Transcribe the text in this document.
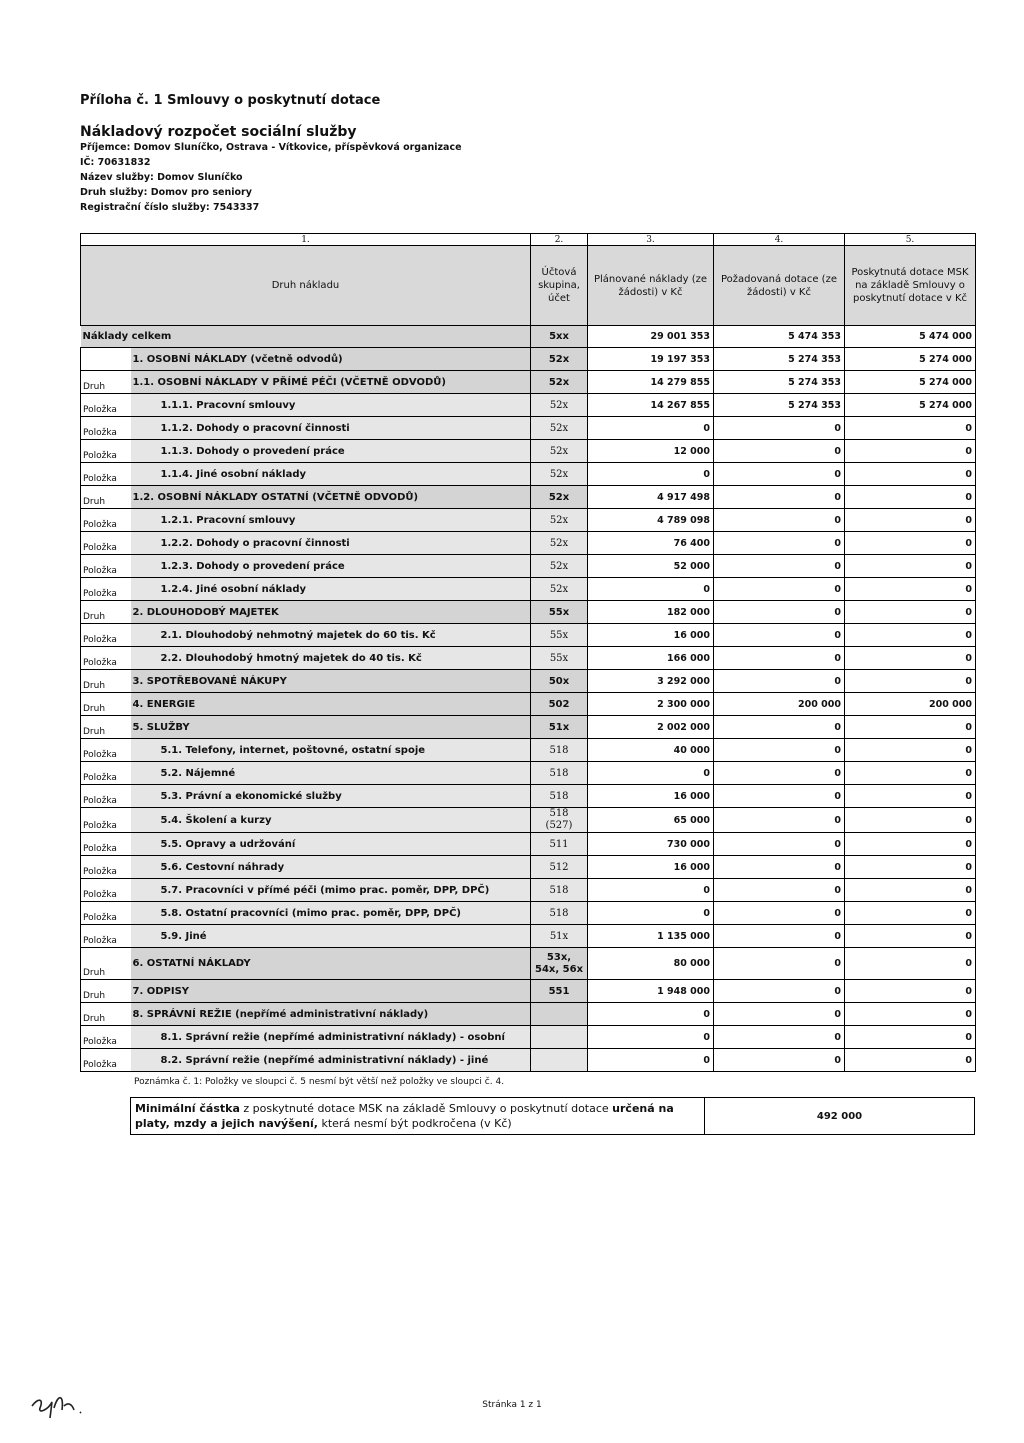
Příloha č. 1 Smlouvy o poskytnutí dotace
Nákladový rozpočet sociální služby
Příjemce: Domov Sluníčko, Ostrava - Vítkovice, příspěvková organizace
IČ: 70631832
Název služby: Domov Sluníčko
Druh služby: Domov pro seniory
Registrační číslo služby: 7543337
1.		2.	3.	4.	5.
Druh nákladu		Účtová skupina, účet	Plánované náklady (ze žádosti) v Kč	Požadovaná dotace (ze žádosti) v Kč	Poskytnutá dotace MSK na základě Smlouvy o poskytnutí dotace v Kč
Náklady celkem		5xx	29 001 353	5 474 353	5 474 000
	1. OSOBNÍ NÁKLADY (včetně odvodů)	52x	19 197 353	5 274 353	5 274 000
Druh	1.1. OSOBNÍ NÁKLADY V PŘÍMÉ PÉČI (VČETNĚ ODVODŮ)	52x	14 279 855	5 274 353	5 274 000
Položka	1.1.1. Pracovní smlouvy	52x	14 267 855	5 274 353	5 274 000
Položka	1.1.2. Dohody o pracovní činnosti	52x	0	0	0
Položka	1.1.3. Dohody o provedení práce	52x	12 000	0	0
Položka	1.1.4. Jiné osobní náklady	52x	0	0	0
Druh	1.2. OSOBNÍ NÁKLADY OSTATNÍ (VČETNĚ ODVODŮ)	52x	4 917 498	0	0
Položka	1.2.1. Pracovní smlouvy	52x	4 789 098	0	0
Položka	1.2.2. Dohody o pracovní činnosti	52x	76 400	0	0
Položka	1.2.3. Dohody o provedení práce	52x	52 000	0	0
Položka	1.2.4. Jiné osobní náklady	52x	0	0	0
Druh	2. DLOUHODOBÝ MAJETEK	55x	182 000	0	0
Položka	2.1. Dlouhodobý nehmotný majetek do 60 tis. Kč	55x	16 000	0	0
Položka	2.2. Dlouhodobý hmotný majetek do 40 tis. Kč	55x	166 000	0	0
Druh	3. SPOTŘEBOVANÉ NÁKUPY	50x	3 292 000	0	0
Druh	4. ENERGIE	502	2 300 000	200 000	200 000
Druh	5. SLUŽBY	51x	2 002 000	0	0
Položka	5.1. Telefony, internet, poštovné, ostatní spoje	518	40 000	0	0
Položka	5.2. Nájemné	518	0	0	0
Položka	5.3. Právní a ekonomické služby	518	16 000	0	0
Položka	5.4. Školení a kurzy	518 (527)	65 000	0	0
Položka	5.5. Opravy a udržování	511	730 000	0	0
Položka	5.6. Cestovní náhrady	512	16 000	0	0
Položka	5.7. Pracovníci v přímé péči (mimo prac. poměr, DPP, DPČ)	518	0	0	0
Položka	5.8. Ostatní pracovníci (mimo prac. poměr, DPP, DPČ)	518	0	0	0
Položka	5.9. Jiné	51x	1 135 000	0	0
Druh	6. OSTATNÍ NÁKLADY	53x, 54x, 56x	80 000	0	0
Druh	7. ODPISY	551	1 948 000	0	0
Druh	8. SPRÁVNÍ REŽIE (nepřímé administrativní náklady)		0	0	0
Položka	8.1. Správní režie (nepřímé administrativní náklady) - osobní		0	0	0
Položka	8.2. Správní režie (nepřímé administrativní náklady) - jiné		0	0	0
Poznámka č. 1: Položky ve sloupci č. 5 nesmí být větší než položky ve sloupci č. 4.
Minimální částka z poskytnuté dotace MSK na základě Smlouvy o poskytnutí dotace určená na platy, mzdy a jejich navýšení, která nesmí být podkročena (v Kč)
492 000
Stránka 1 z 1
